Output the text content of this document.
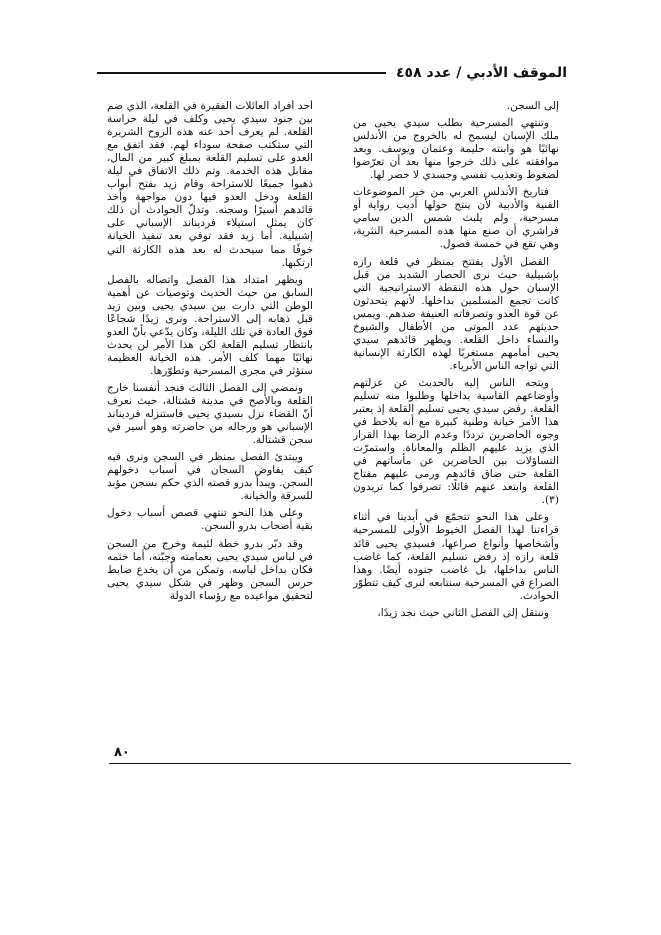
الموقف الأدبي / عدد ٤٥٨

إلى السجن.

وتنتهي المسرحية بطلب سيدي يحيى من ملك الإسبان ليسمح له بالخروج من الأندلس نهائيًا هو وابنته حليمة وعثمان ويوسف. وبعد موافقته على ذلك خرجوا منها بعد أن تعرّضوا لضغوط وتعذيب نفسي وجسدي لا حصر لها.

فتاريخ الأندلس العربي من خير الموضوعات الفنية والأدبية لأن ينتج حولها أديب رواية أو مسرحية، ولم يلبث شمس الدين سامي فراشري أن صنع منها هذه المسرحية النثرية، وهي تقع في خمسة فصول.

الفصل الأول يفتتح بمنظر في قلعة رازه بإشبيلية حيث نرى الحصار الشديد من قبل الإسبان حول هذه النقطة الاستراتيجية التي كانت تجمع المسلمين بداخلها. لأنهم يتحدثون عن قوة العدو وتصرفاته العنيفة ضدهم. ويمس حديثهم عدد الموتى من الأطفال والشيوخ والنساء داخل القلعة. ويظهر قائدهم سيدي يحيى أمامهم مستغربًا لهذه الكارثة الإنسانية التي تواجه الناس الأبرياء.

ويتجه الناس إليه بالحديث عن عزلتهم وأوضاعهم القاسية بداخلها وطلبوا منه تسليم القلعة. رفض سيدي يحيى تسليم القلعة إذ يعتبر هذا الأمر خيانة وطنية كبيرة مع أنه يلاحظ في وجوه الحاضرين ترددًا وعدم الرضا بهذا القرار الذي يزيد عليهم الظلم والمعاناة. واستمرّت التساؤلات بين الحاضرين عن مأساتهم في القلعة حتى ضاق قائدهم ورمى عليهم مفتاح القلعة وابتعد عنهم قائلًا: تصرفوا كما تريدون (٣).

وعلى هذا النحو تتجمّع في أيدينا في أثناء قراءتنا لهذا الفصل الخيوط الأولى للمسرحية وأشخاصها وأنواع صراعها، فسيدي يحيى قائد قلعة رازه إذ رفض تسليم القلعة، كما غاضب الناس بداخلها، بل غاضب جنوده أيضًا. وهذا الصراع في المسرحية سنتابعه لنرى كيف تتطوّر الحوادث.

وننتقل إلى الفصل الثاني حيث نجد زيدًا،

أحد أفراد العائلات الفقيرة في القلعة، الذي ضم بين جنود سيدي يحيى وكلف في ليلة حراسة القلعة. لم يعرف أحد عنه هذه الروح الشريرة التي ستكتب صفحة سوداء لهم. فقد اتفق مع العدو على تسليم القلعة بمبلغ كبير من المال، مقابل هذه الخدمة. وتم ذلك الاتفاق في ليلة ذهبوا جميعًا للاستراحة وقام زيد بفتح أبواب القلعة ودخل العدو فيها دون مواجهة وأخذ قائدهم أسيرًا وسجنه. وتدلّ الحوادث أن ذلك كان يمثل استيلاء فرديناند الإسباني على إشبيلية. أما زيد فقد توفي بعد تنفيذ الخيانة خوفًا مما سيحدث له بعد هذه الكارثة التي ارتكبها.

ويظهر امتداد هذا الفصل واتصاله بالفصل السابق من حيث الحديث وتوصيات عن أهمية الوطن التي دارت بين سيدي يحيى وبين زيد قبل ذهابه إلى الاستراحة. ونرى زيدًا شجاعًا فوق العادة في تلك الليلة، وكان يدّعي بأنّ العدو بانتظار تسليم القلعة لكن هذا الأمر لن يحدث نهائيًا مهما كلف الأمر. هذه الخيانة العظيمة ستؤثر في مجرى المسرحية وتطوّرها.

ونمضي إلى الفصل الثالث فنجد أنفسنا خارج القلعة وبالأصح في مدينة قشتالة، حيث نعرف أنّ القضاء نزل بسيدي يحيى فاستنزله فرديناند الإسباني هو ورجاله من حاضرته وهو أسير في سجن قشتالة.

ويبتدئ الفصل بمنظر في السجن ونرى فيه كيف يفاوض السجان في أسباب دخولهم السجن. ويبدأ بدرو قصته الذي حكم بسجن مؤبد للسرقة والخيانة.

وعلى هذا النحو تنتهي قصص أسباب دخول بقية أصحاب بدرو السجن.

وقد دبّر بدرو خطة لئيمة وخرج من السجن في لباس سيدي يحيى بعمامته وجبّته، أما خثمه فكان بداخل لباسه. وتمكن من أن يخدع ضابط حرس السجن وظهر في شكل سيدي يحيى لتحقيق مواعيده مع رؤساء الدولة

٨٠
